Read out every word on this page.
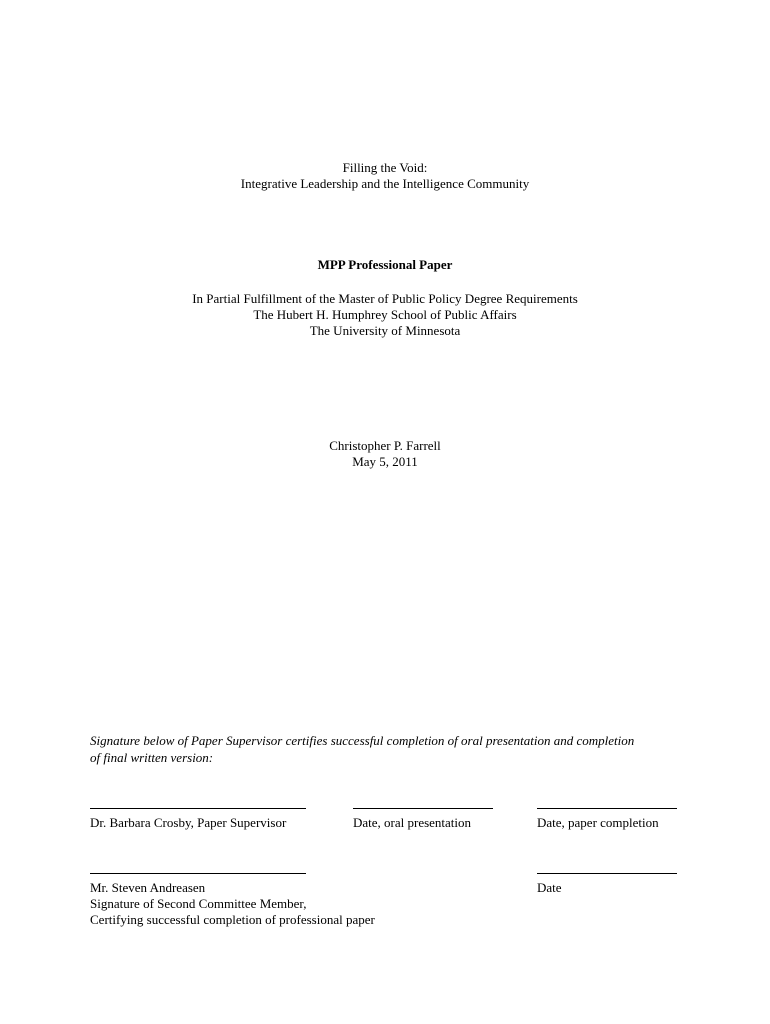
Filling the Void:
Integrative Leadership and the Intelligence Community
MPP Professional Paper
In Partial Fulfillment of the Master of Public Policy Degree Requirements
The Hubert H. Humphrey School of Public Affairs
The University of Minnesota
Christopher P. Farrell
May 5, 2011
Signature below of Paper Supervisor certifies successful completion of oral presentation and completion
of final written version:
Dr. Barbara Crosby, Paper Supervisor	Date, oral presentation	Date, paper completion
Mr. Steven Andreasen
Signature of Second Committee Member,
Certifying successful completion of professional paper
Date
